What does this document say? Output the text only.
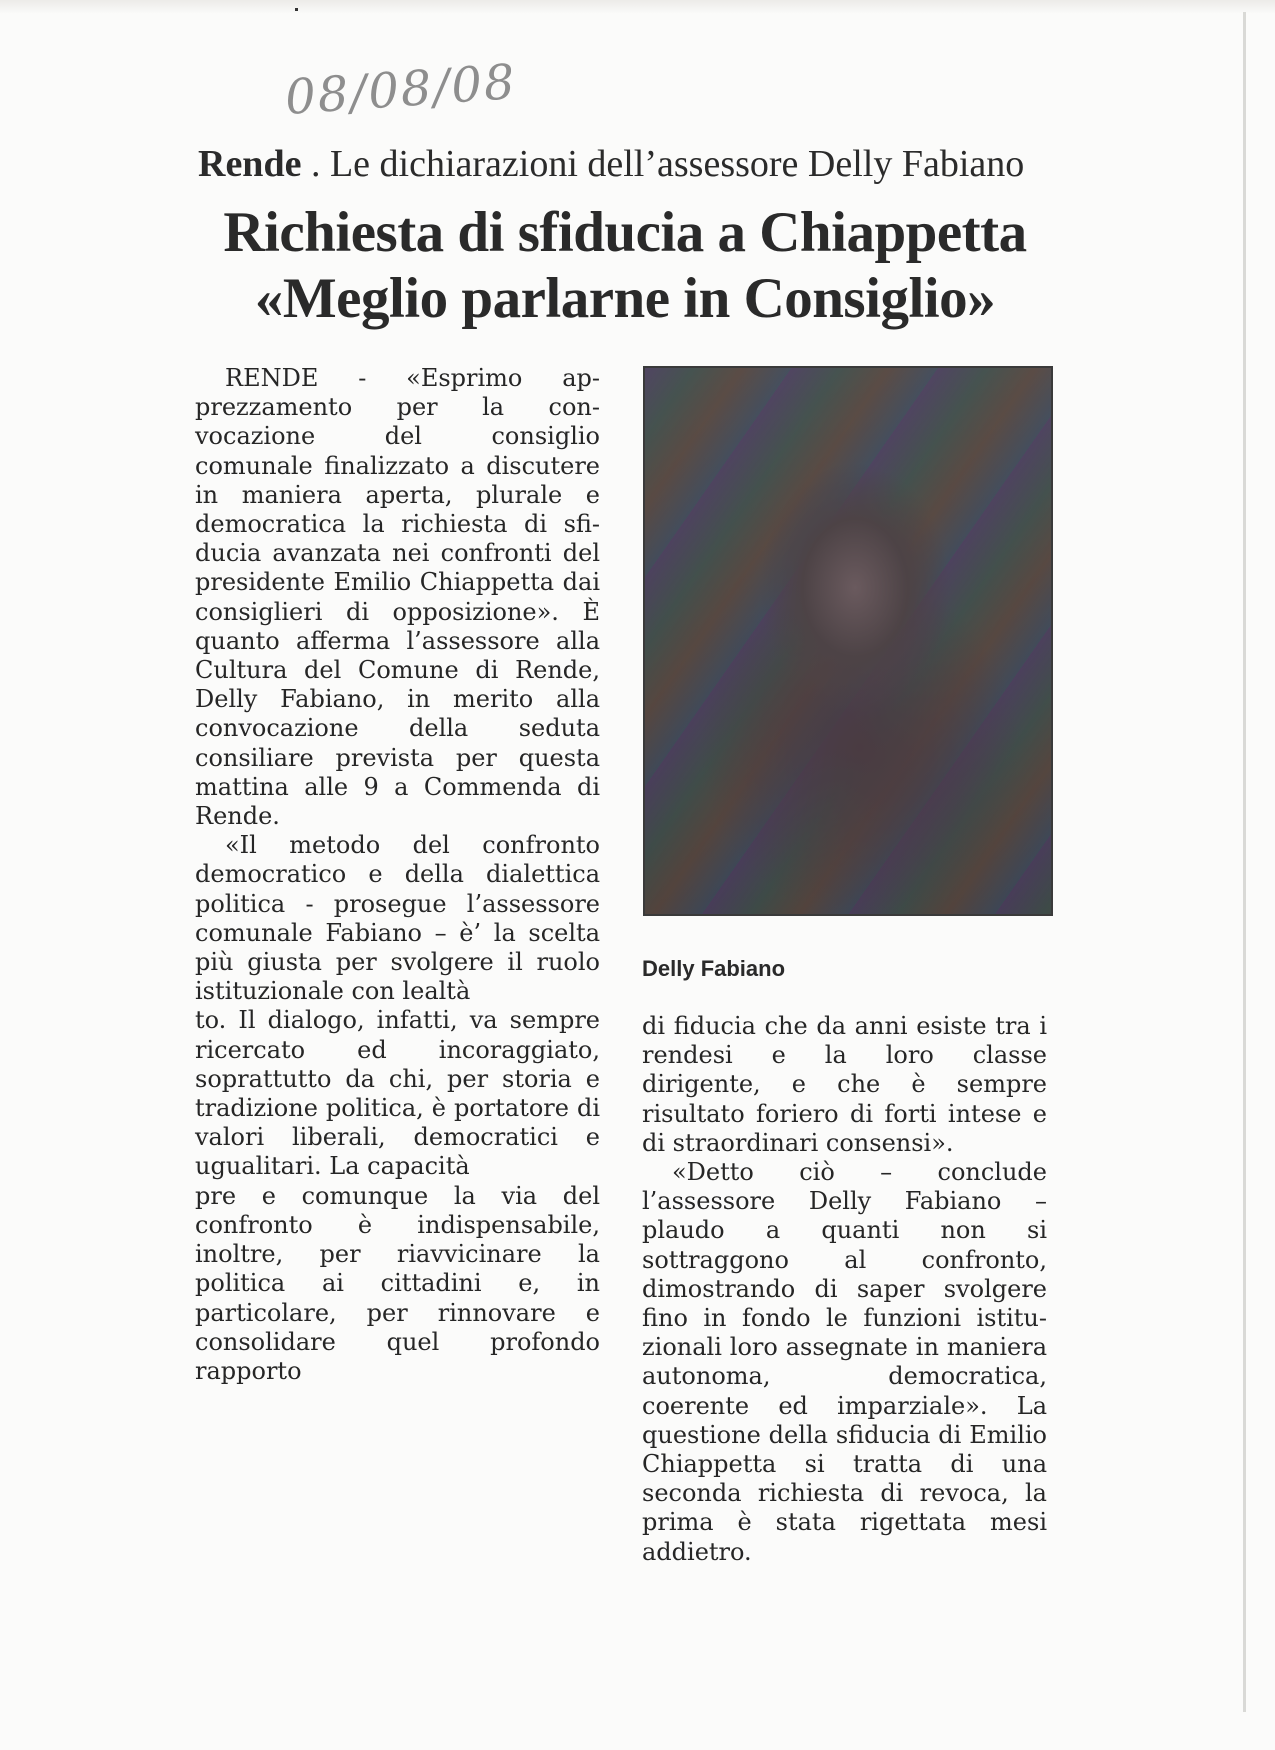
08/08/08
Rende . Le dichiarazioni dell’assessore Delly Fabiano
Richiesta di sfiducia a Chiappetta
«Meglio parlarne in Consiglio»

RENDE - «Esprimo apprezzamento per la convocazione del consiglio comunale finalizzato a discutere in maniera aperta, plurale e democratica la richiesta di sfiducia avanzata nei confronti del presidente Emilio Chiappetta dai consiglieri di opposizione». È quanto afferma l’assessore alla Cultura del Comune di Rende, Delly Fabiano, in merito alla convocazione della seduta consiliare prevista per questa mattina alle 9 a Commenda di Rende.

«Il metodo del confronto democratico e della dialettica politica - prosegue l’assessore comunale Fabiano – è’ la scelta più giusta per svolgere il ruolo istituzionale con lealtà

to. Il dialogo, infatti, va sempre ricercato ed incoraggiato, soprattutto da chi, per storia e tradizione politica, è portatore di valori liberali, democratici e ugualitari. La capacità

pre e comunque la via del confronto è indispensabile, inoltre, per riavvicinare la politica ai cittadini e, in particolare, per rinnovare e consolidare quel profondo rapporto

Delly Fabiano

di fiducia che da anni esiste tra i rendesi e la loro classe dirigente, e che è sempre risultato foriero di forti intese e di straordinari consensi».

«Detto ciò – conclude l’assessore Delly Fabiano – plaudo a quanti non si sottraggono al confronto, dimostrando di saper svolgere fino in fondo le funzioni istituzionali loro assegnate in maniera autonoma, democratica, coerente ed imparziale». La questione della sfiducia di Emilio Chiappetta si tratta di una seconda richiesta di revoca, la prima è stata rigettata mesi addietro.
